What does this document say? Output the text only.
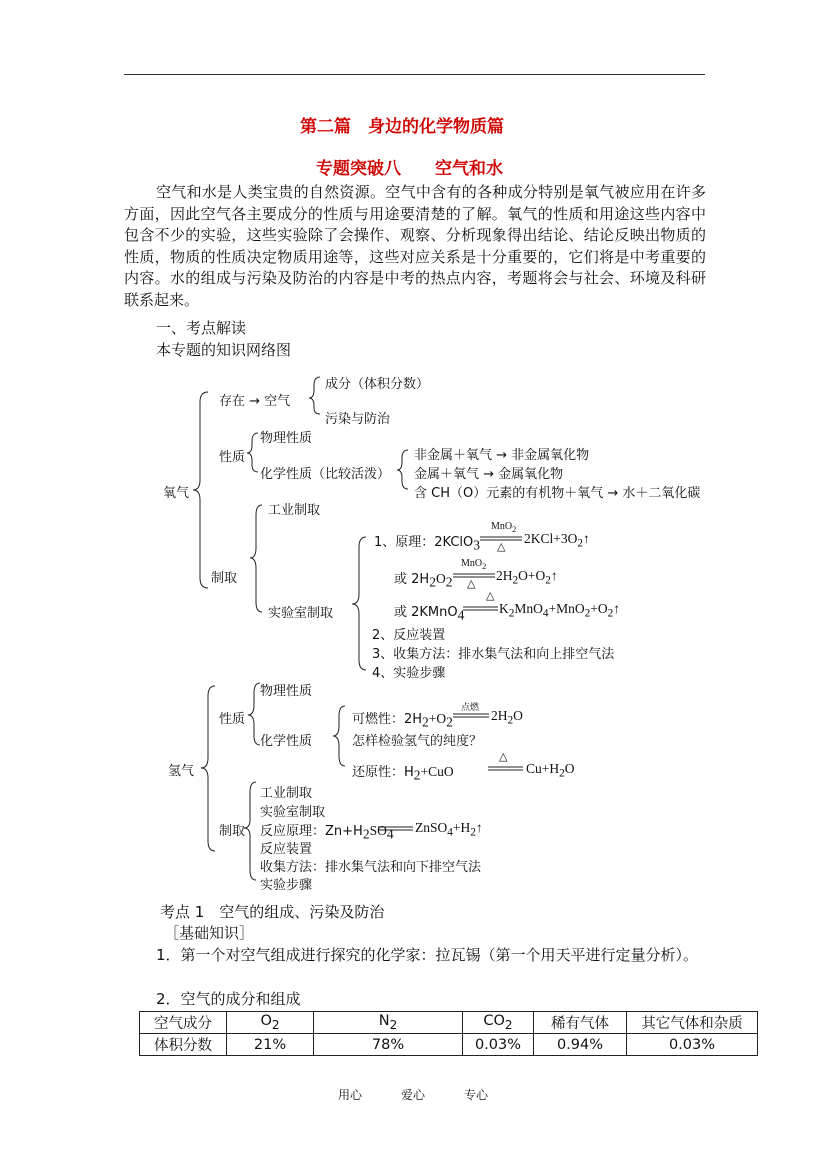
第二篇　身边的化学物质篇
专题突破八　　空气和水
空气和水是人类宝贵的自然资源。空气中含有的各种成分特别是氧气被应用在许多方面，因此空气各主要成分的性质与用途要清楚的了解。氧气的性质和用途这些内容中包含不少的实验，这些实验除了会操作、观察、分析现象得出结论、结论反映出物质的性质，物质的性质决定物质用途等，这些对应关系是十分重要的，它们将是中考重要的内容。水的组成与污染及防治的内容是中考的热点内容，考题将会与社会、环境及科研联系起来。
一、考点解读
本专题的知识网络图
氧气
存在 → 空气
成分（体积分数）
污染与防治
性质
物理性质
化学性质（比较活泼）
非金属＋氧气 → 非金属氧化物
金属＋氧气 → 金属氧化物
含 CH（O）元素的有机物＋氧气 → 水＋二氧化碳
制取
工业制取
实验室制取
1、原理：2KClO$_3$
MnO$_2$
△
$2KCl+3O_2↑$
或 $2H_2O_2$
MnO$_2$
△
$2H_2O+O_2↑$
△
或 2KMnO$_4$	$K_2MnO_4+MnO_2+O_2↑$
2、反应装置
3、收集方法：排水集气法和向上排空气法
4、实验步骤
氢气
性质
物理性质
化学性质
可燃性：$2H_2+O_2$
点燃 $2H_2O$
怎样检验氢气的纯度？
△
还原性：$H_2+CuO$	$Cu+H_2O$
制取
工业制取
实验室制取
反应原理：$Zn+H_2SO_4$ $ZnSO_4+H_2↑$
反应装置
收集方法：排水集气法和向下排空气法
实验步骤
考点 1　空气的组成、污染及防治
［基础知识］
1．第一个对空气组成进行探究的化学家：拉瓦锡（第一个用天平进行定量分析）。
2．空气的成分和组成
空气成分	$O_2$	$N_2$	$CO_2$	稀有气体	其它气体和杂质
体积分数	21%	78%	0.03%	0.94%	0.03%
用心	爱心	专心
